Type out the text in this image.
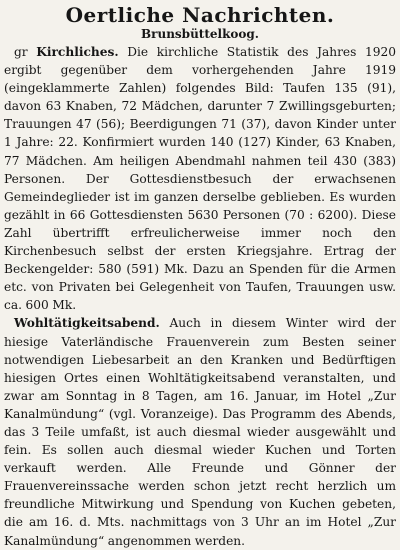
Oertliche Nachrichten.
Brunsbüttelkoog.

gr Kirchliches. Die kirchliche Statistik des Jahres 1920 ergibt gegenüber dem vorhergehenden Jahre 1919 (eingeklammerte Zahlen) folgendes Bild: Taufen 135 (91), davon 63 Knaben, 72 Mädchen, darunter 7 Zwillingsgeburten; Trauungen 47 (56); Beerdigungen 71 (37), davon Kinder unter 1 Jahre: 22. Konfirmiert wurden 140 (127) Kinder, 63 Knaben, 77 Mädchen. Am heiligen Abendmahl nahmen teil 430 (383) Personen. Der Gottesdienstbesuch der erwachsenen Gemeindeglieder ist im ganzen derselbe geblieben. Es wurden gezählt in 66 Gottesdiensten 5630 Personen (70 : 6200). Diese Zahl übertrifft erfreulicherweise immer noch den Kirchenbesuch selbst der ersten Kriegsjahre. Ertrag der Beckengelder: 580 (591) Mk. Dazu an Spenden für die Armen etc. von Privaten bei Gelegenheit von Taufen, Trauungen usw. ca. 600 Mk.

Wohltätigkeitsabend. Auch in diesem Winter wird der hiesige Vaterländische Frauenverein zum Besten seiner notwendigen Liebesarbeit an den Kranken und Bedürftigen hiesigen Ortes einen Wohltätigkeitsabend veranstalten, und zwar am Sonntag in 8 Tagen, am 16. Januar, im Hotel „Zur Kanalmündung“ (vgl. Voranzeige). Das Programm des Abends, das 3 Teile umfaßt, ist auch diesmal wieder ausgewählt und fein. Es sollen auch diesmal wieder Kuchen und Torten verkauft werden. Alle Freunde und Gönner der Frauenvereinssache werden schon jetzt recht herzlich um freundliche Mitwirkung und Spendung von Kuchen gebeten, die am 16. d. Mts. nachmittags von 3 Uhr an im Hotel „Zur Kanalmündung“ angenommen werden.
